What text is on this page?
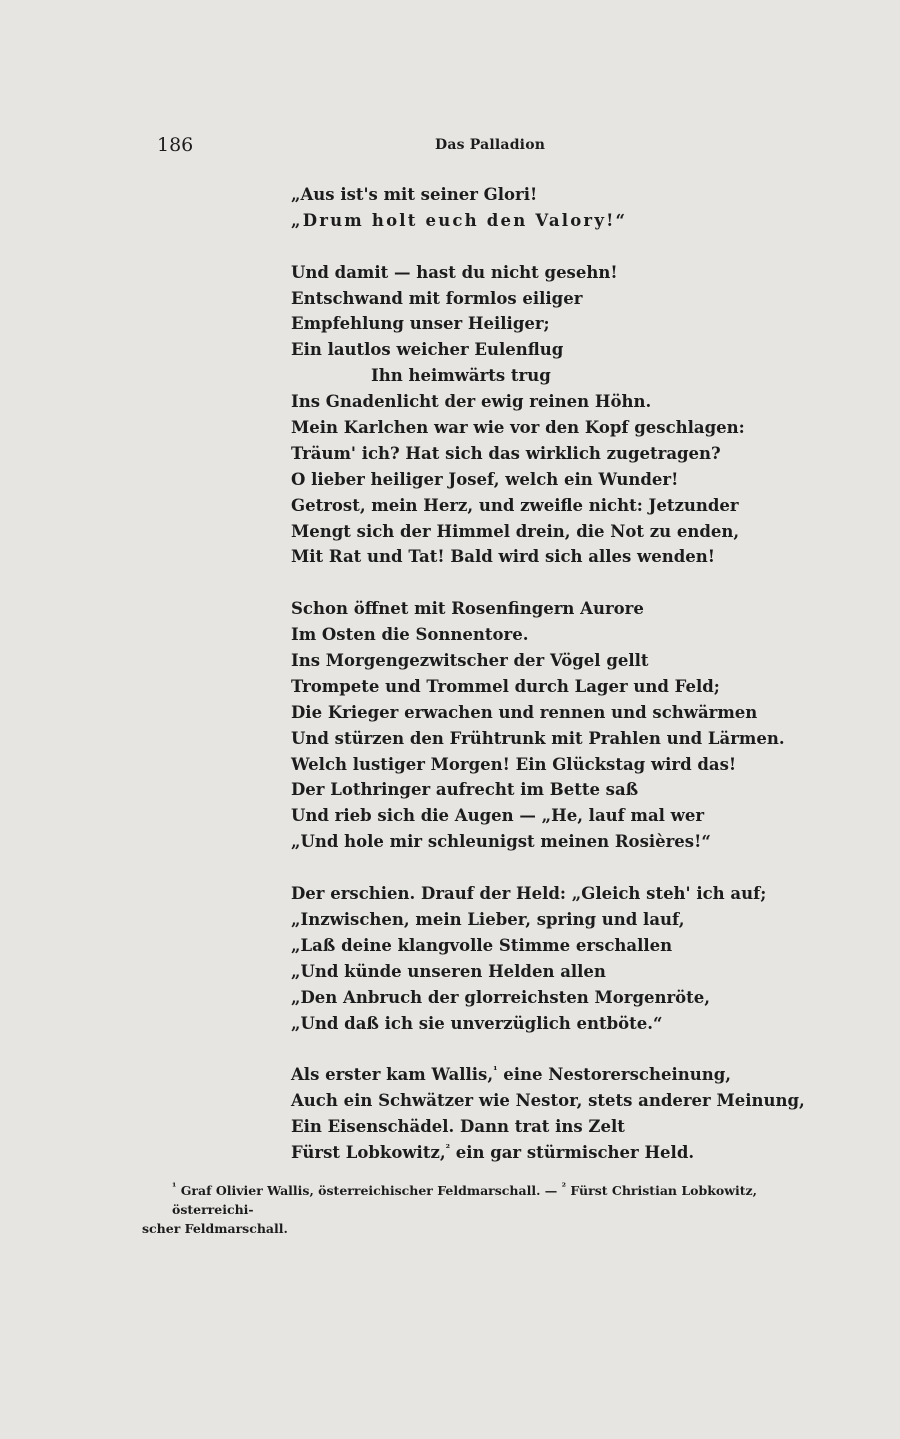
186	Das Palladion
„Aus ist's mit seiner Glori!
„Drum holt euch den Valory!“
Und damit — hast du nicht gesehn!
Entschwand mit formlos eiliger
Empfehlung unser Heiliger;
Ein lautlos weicher Eulenflug
Ihn heimwärts trug
Ins Gnadenlicht der ewig reinen Höhn.
Mein Karlchen war wie vor den Kopf geschlagen:
Träum' ich? Hat sich das wirklich zugetragen?
O lieber heiliger Josef, welch ein Wunder!
Getrost, mein Herz, und zweifle nicht: Jetzunder
Mengt sich der Himmel drein, die Not zu enden,
Mit Rat und Tat! Bald wird sich alles wenden!
Schon öffnet mit Rosenfingern Aurore
Im Osten die Sonnentore.
Ins Morgengezwitscher der Vögel gellt
Trompete und Trommel durch Lager und Feld;
Die Krieger erwachen und rennen und schwärmen
Und stürzen den Frühtrunk mit Prahlen und Lärmen.
Welch lustiger Morgen! Ein Glückstag wird das!
Der Lothringer aufrecht im Bette saß
Und rieb sich die Augen — „He, lauf mal wer
„Und hole mir schleunigst meinen Rosières!“
Der erschien. Drauf der Held: „Gleich steh' ich auf;
„Inzwischen, mein Lieber, spring und lauf,
„Laß deine klangvolle Stimme erschallen
„Und künde unseren Helden allen
„Den Anbruch der glorreichsten Morgenröte,
„Und daß ich sie unverzüglich entböte.“
Als erster kam Wallis,$^{^1}$ eine Nestorerscheinung,
Auch ein Schwätzer wie Nestor, stets anderer Meinung,
Ein Eisenschädel. Dann trat ins Zelt
Fürst Lobkowitz,$^{^2}$ ein gar stürmischer Held.
$^{^1}$ Graf Olivier Wallis, österreichischer Feldmarschall. — $^{^2}$ Fürst Christian Lobkowitz, österreichi-
scher Feldmarschall.
